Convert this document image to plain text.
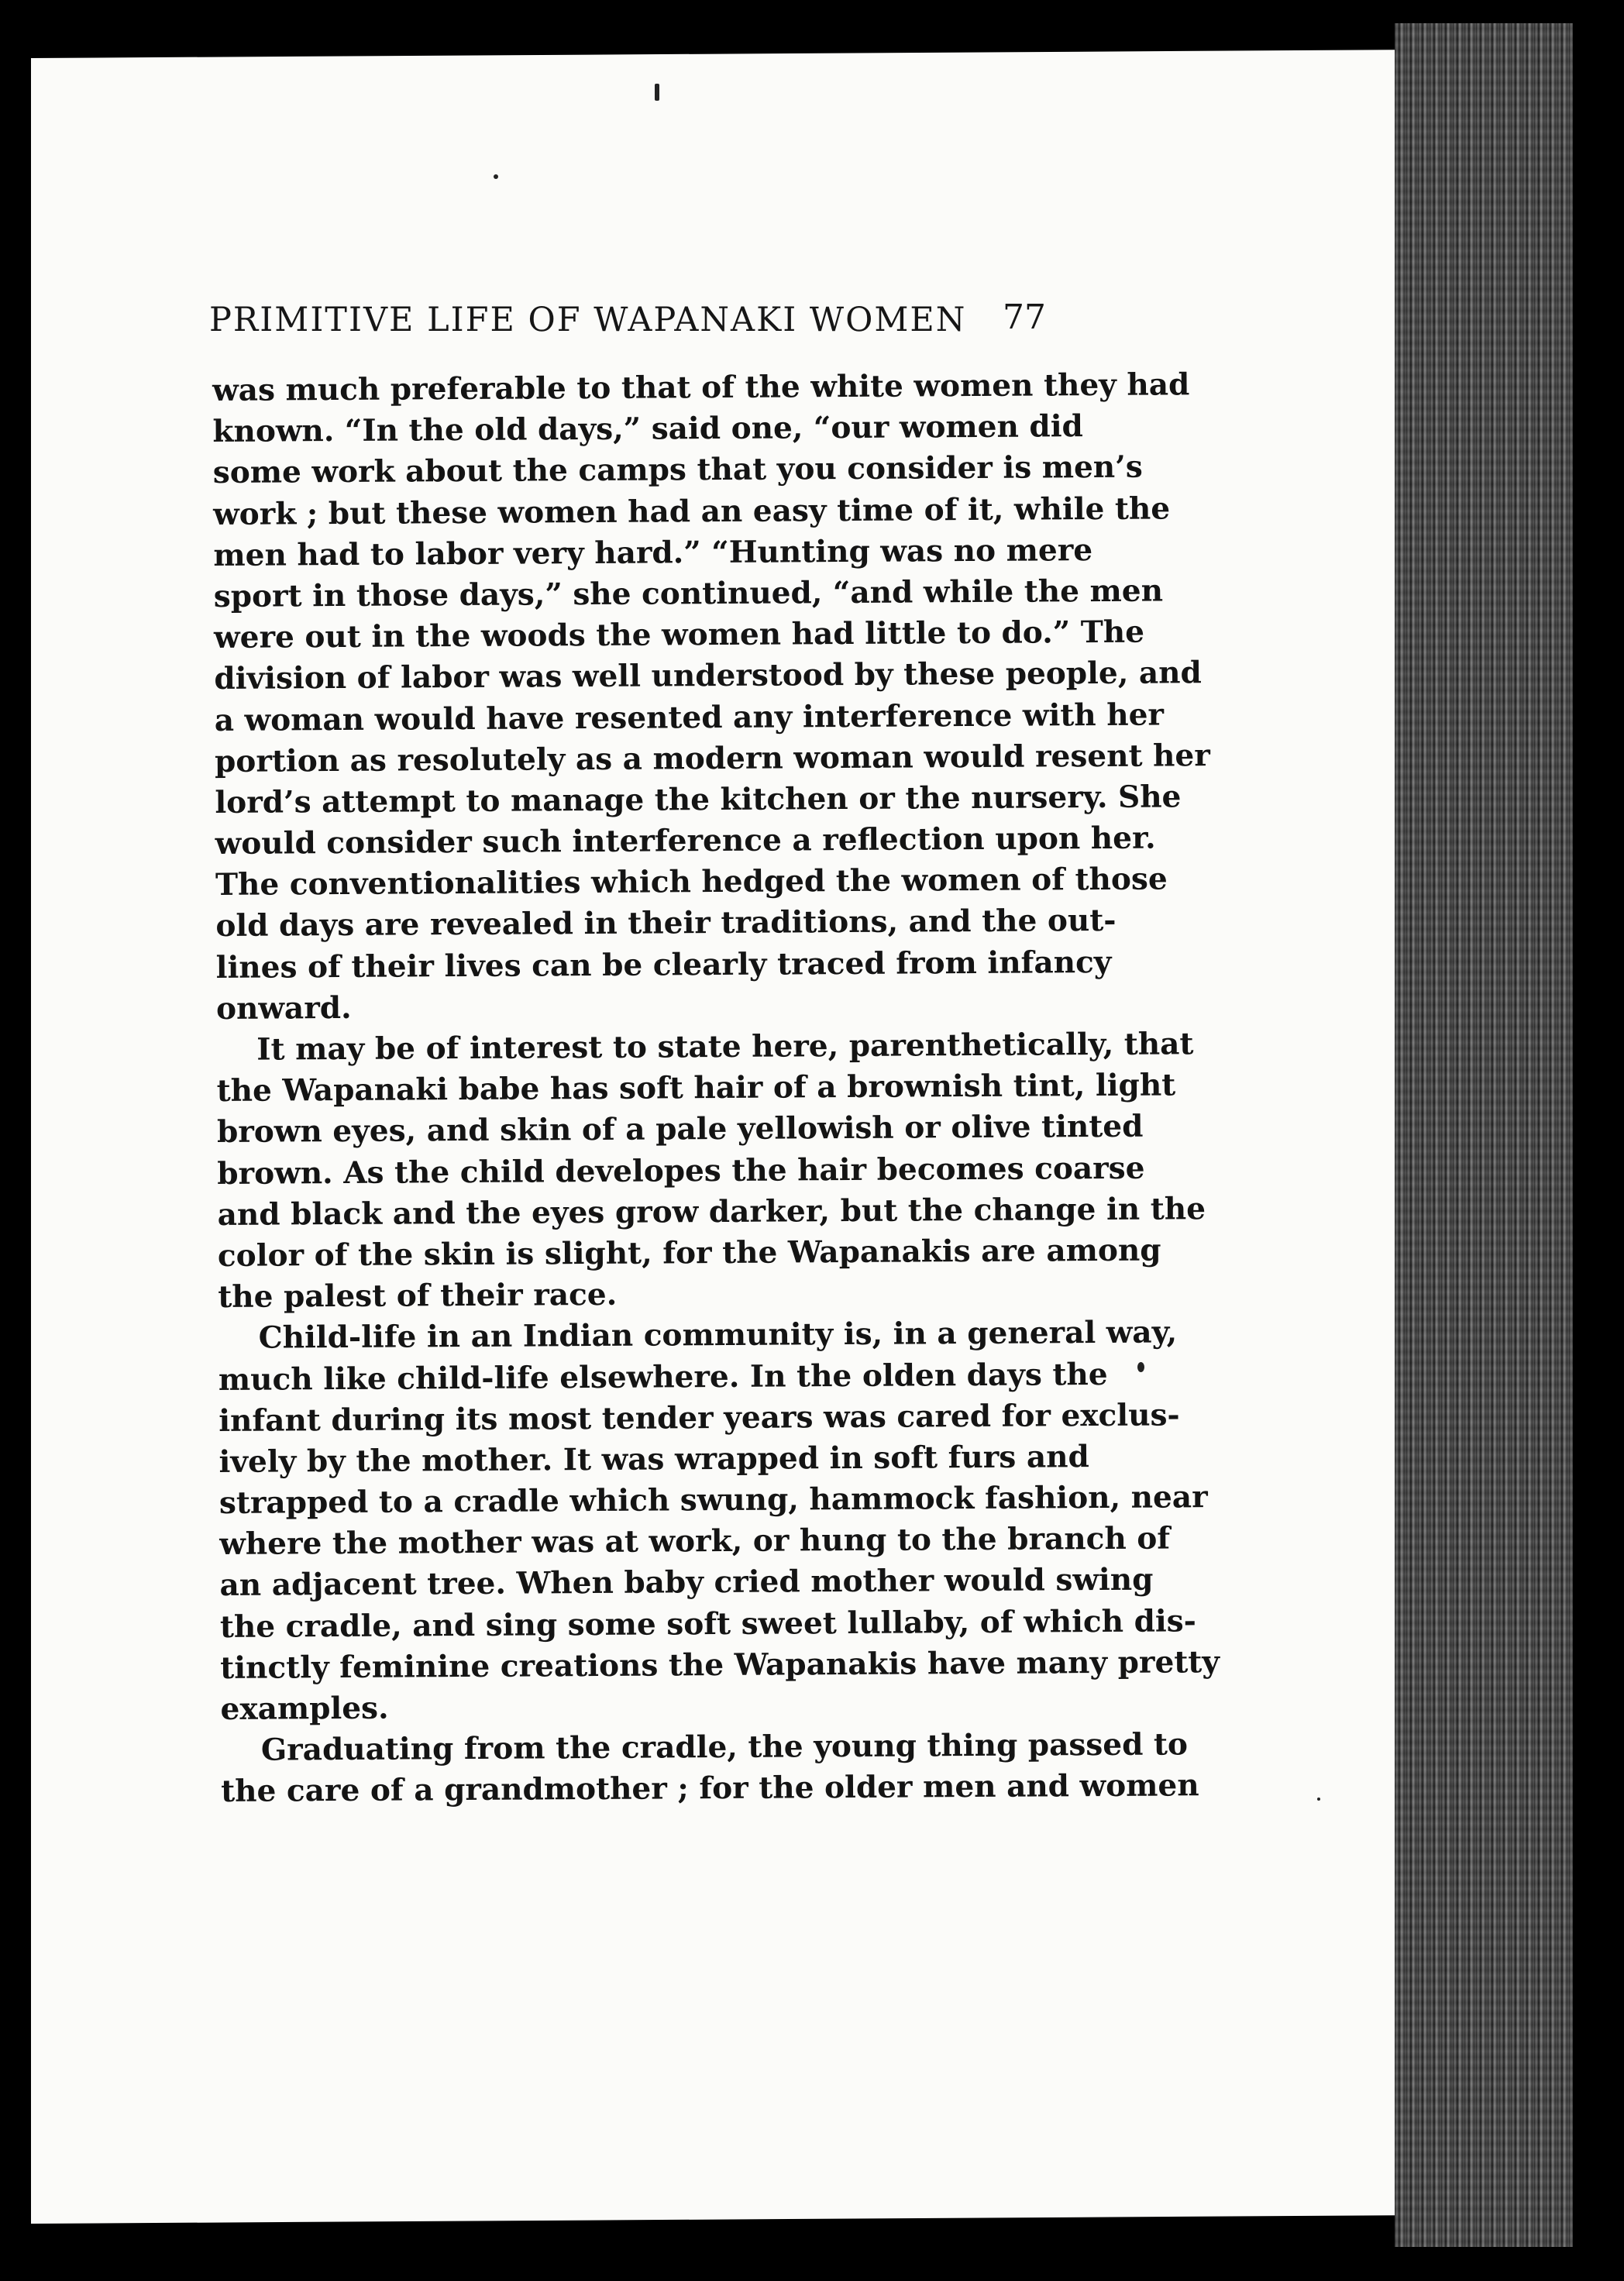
PRIMITIVE LIFE OF WAPANAKI WOMEN 77
was much preferable to that of the white women they had
known. “In the old days,” said one, “our women did
some work about the camps that you consider is men’s
work ; but these women had an easy time of it, while the
men had to labor very hard.” “Hunting was no mere
sport in those days,” she continued, “and while the men
were out in the woods the women had little to do.” The
division of labor was well understood by these people, and
a woman would have resented any interference with her
portion as resolutely as a modern woman would resent her
lord’s attempt to manage the kitchen or the nursery. She
would consider such interference a reflection upon her.
The conventionalities which hedged the women of those
old days are revealed in their traditions, and the out-
lines of their lives can be clearly traced from infancy
onward.
It may be of interest to state here, parenthetically, that
the Wapanaki babe has soft hair of a brownish tint, light
brown eyes, and skin of a pale yellowish or olive tinted
brown. As the child developes the hair becomes coarse
and black and the eyes grow darker, but the change in the
color of the skin is slight, for the Wapanakis are among
the palest of their race.
Child-life in an Indian community is, in a general way,
much like child-life elsewhere. In the olden days the
infant during its most tender years was cared for exclus-
ively by the mother. It was wrapped in soft furs and
strapped to a cradle which swung, hammock fashion, near
where the mother was at work, or hung to the branch of
an adjacent tree. When baby cried mother would swing
the cradle, and sing some soft sweet lullaby, of which dis-
tinctly feminine creations the Wapanakis have many pretty
examples.
Graduating from the cradle, the young thing passed to
the care of a grandmother ; for the older men and women
